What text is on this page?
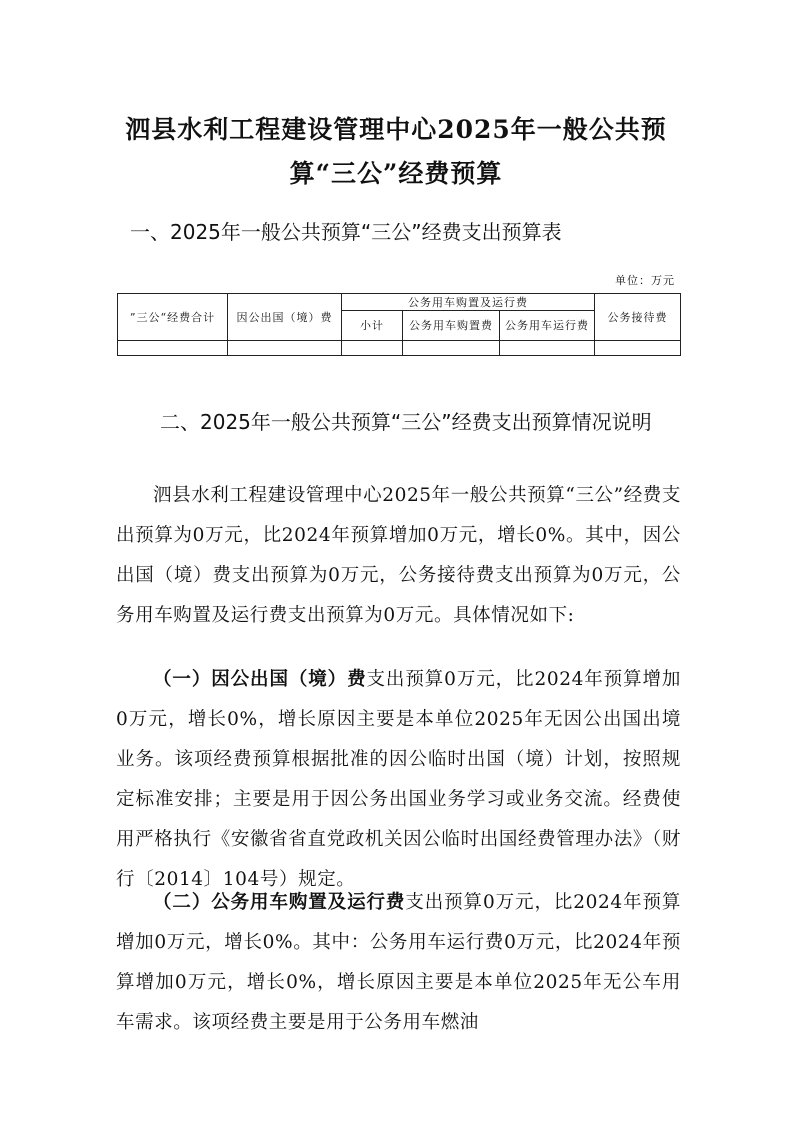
泗县水利工程建设管理中心2025年一般公共预算“三公”经费预算
一、2025年一般公共预算“三公”经费支出预算表
单位：万元
”三公“经费合计	因公出国（境）费	公务用车购置及运行费			公务接待费
		小计	公务用车购置费	公务用车运行费	

二、2025年一般公共预算“三公”经费支出预算情况说明
泗县水利工程建设管理中心2025年一般公共预算“三公”经费支出预算为0万元，比2024年预算增加0万元，增长0%。其中，因公出国（境）费支出预算为0万元，公务接待费支出预算为0万元，公务用车购置及运行费支出预算为0万元。具体情况如下:
（一）因公出国（境）费支出预算0万元，比2024年预算增加0万元，增长0%，增长原因主要是本单位2025年无因公出国出境业务。该项经费预算根据批准的因公临时出国（境）计划，按照规定标准安排；主要是用于因公务出国业务学习或业务交流。经费使用严格执行《安徽省省直党政机关因公临时出国经费管理办法》（财行〔2014〕104号）规定。
（二）公务用车购置及运行费支出预算0万元，比2024年预算增加0万元，增长0%。其中：公务用车运行费0万元，比2024年预算增加0万元，增长0%，增长原因主要是本单位2025年无公车用车需求。该项经费主要是用于公务用车燃油
